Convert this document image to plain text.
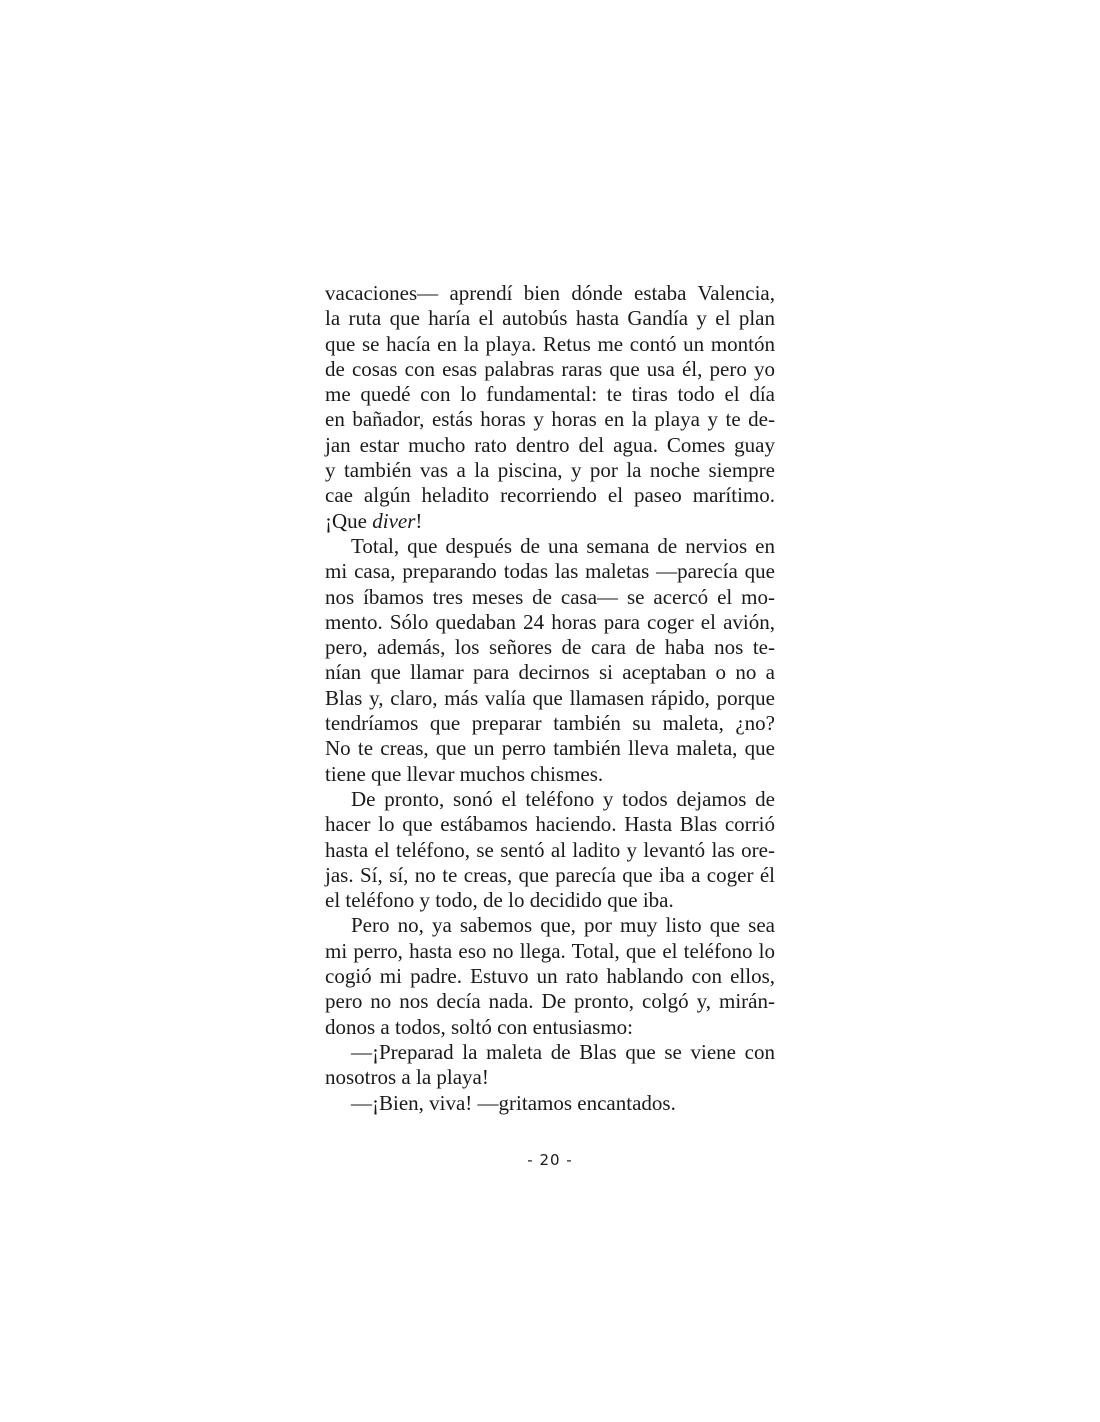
vacaciones— aprendí bien dónde estaba Valencia,
la ruta que haría el autobús hasta Gandía y el plan
que se hacía en la playa. Retus me contó un montón
de cosas con esas palabras raras que usa él, pero yo
me quedé con lo fundamental: te tiras todo el día
en bañador, estás horas y horas en la playa y te de-
jan estar mucho rato dentro del agua. Comes guay
y también vas a la piscina, y por la noche siempre
cae algún heladito recorriendo el paseo marítimo.
¡Que diver!
Total, que después de una semana de nervios en
mi casa, preparando todas las maletas —parecía que
nos íbamos tres meses de casa— se acercó el mo-
mento. Sólo quedaban 24 horas para coger el avión,
pero, además, los señores de cara de haba nos te-
nían que llamar para decirnos si aceptaban o no a
Blas y, claro, más valía que llamasen rápido, porque
tendríamos que preparar también su maleta, ¿no?
No te creas, que un perro también lleva maleta, que
tiene que llevar muchos chismes.
De pronto, sonó el teléfono y todos dejamos de
hacer lo que estábamos haciendo. Hasta Blas corrió
hasta el teléfono, se sentó al ladito y levantó las ore-
jas. Sí, sí, no te creas, que parecía que iba a coger él
el teléfono y todo, de lo decidido que iba.
Pero no, ya sabemos que, por muy listo que sea
mi perro, hasta eso no llega. Total, que el teléfono lo
cogió mi padre. Estuvo un rato hablando con ellos,
pero no nos decía nada. De pronto, colgó y, mirán-
donos a todos, soltó con entusiasmo:
—¡Preparad la maleta de Blas que se viene con
nosotros a la playa!
—¡Bien, viva! —gritamos encantados.
- 20 -
